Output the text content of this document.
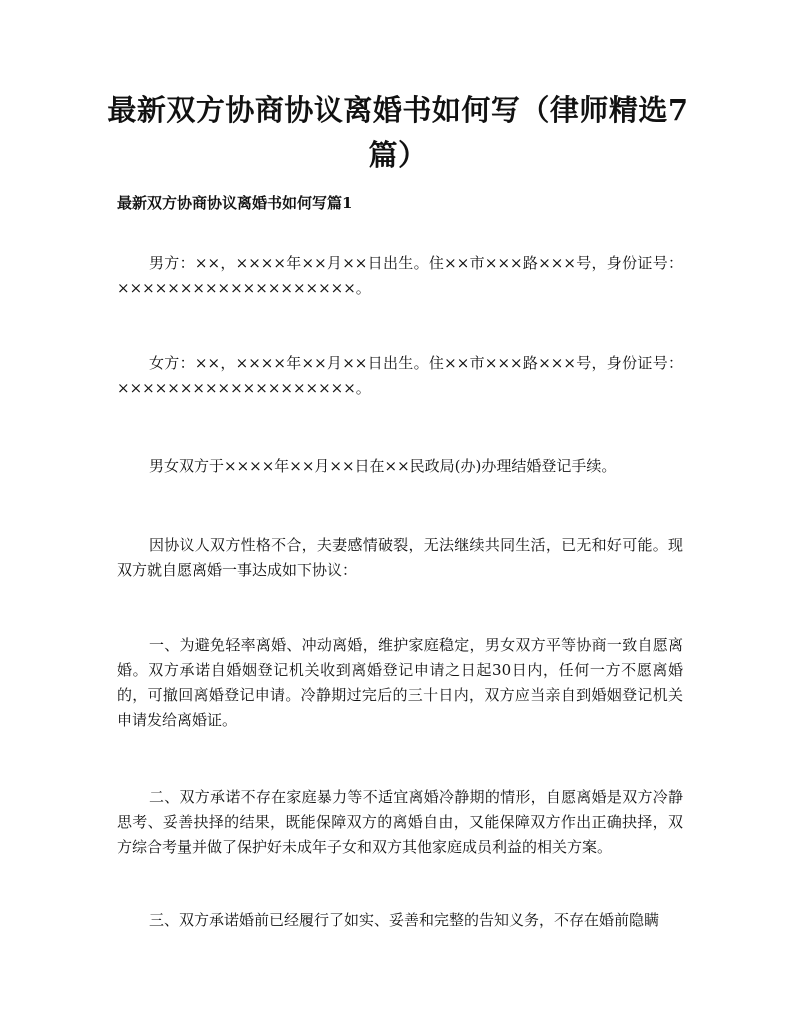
最新双方协商协议离婚书如何写（律师精选7篇）
最新双方协商协议离婚书如何写篇1

男方：××，××××年××月××日出生。住××市×××路×××号，身份证号：×××××××××××××××××××。

女方：××，××××年××月××日出生。住××市×××路×××号，身份证号：×××××××××××××××××××。

男女双方于××××年××月××日在××民政局(办)办理结婚登记手续。

因协议人双方性格不合，夫妻感情破裂，无法继续共同生活，已无和好可能。现双方就自愿离婚一事达成如下协议：

一、为避免轻率离婚、冲动离婚，维护家庭稳定，男女双方平等协商一致自愿离婚。双方承诺自婚姻登记机关收到离婚登记申请之日起30日内，任何一方不愿离婚的，可撤回离婚登记申请。冷静期过完后的三十日内，双方应当亲自到婚姻登记机关申请发给离婚证。

二、双方承诺不存在家庭暴力等不适宜离婚冷静期的情形，自愿离婚是双方冷静思考、妥善抉择的结果，既能保障双方的离婚自由，又能保障双方作出正确抉择，双方综合考量并做了保护好未成年子女和双方其他家庭成员利益的相关方案。

三、双方承诺婚前已经履行了如实、妥善和完整的告知义务，不存在婚前隐瞒
